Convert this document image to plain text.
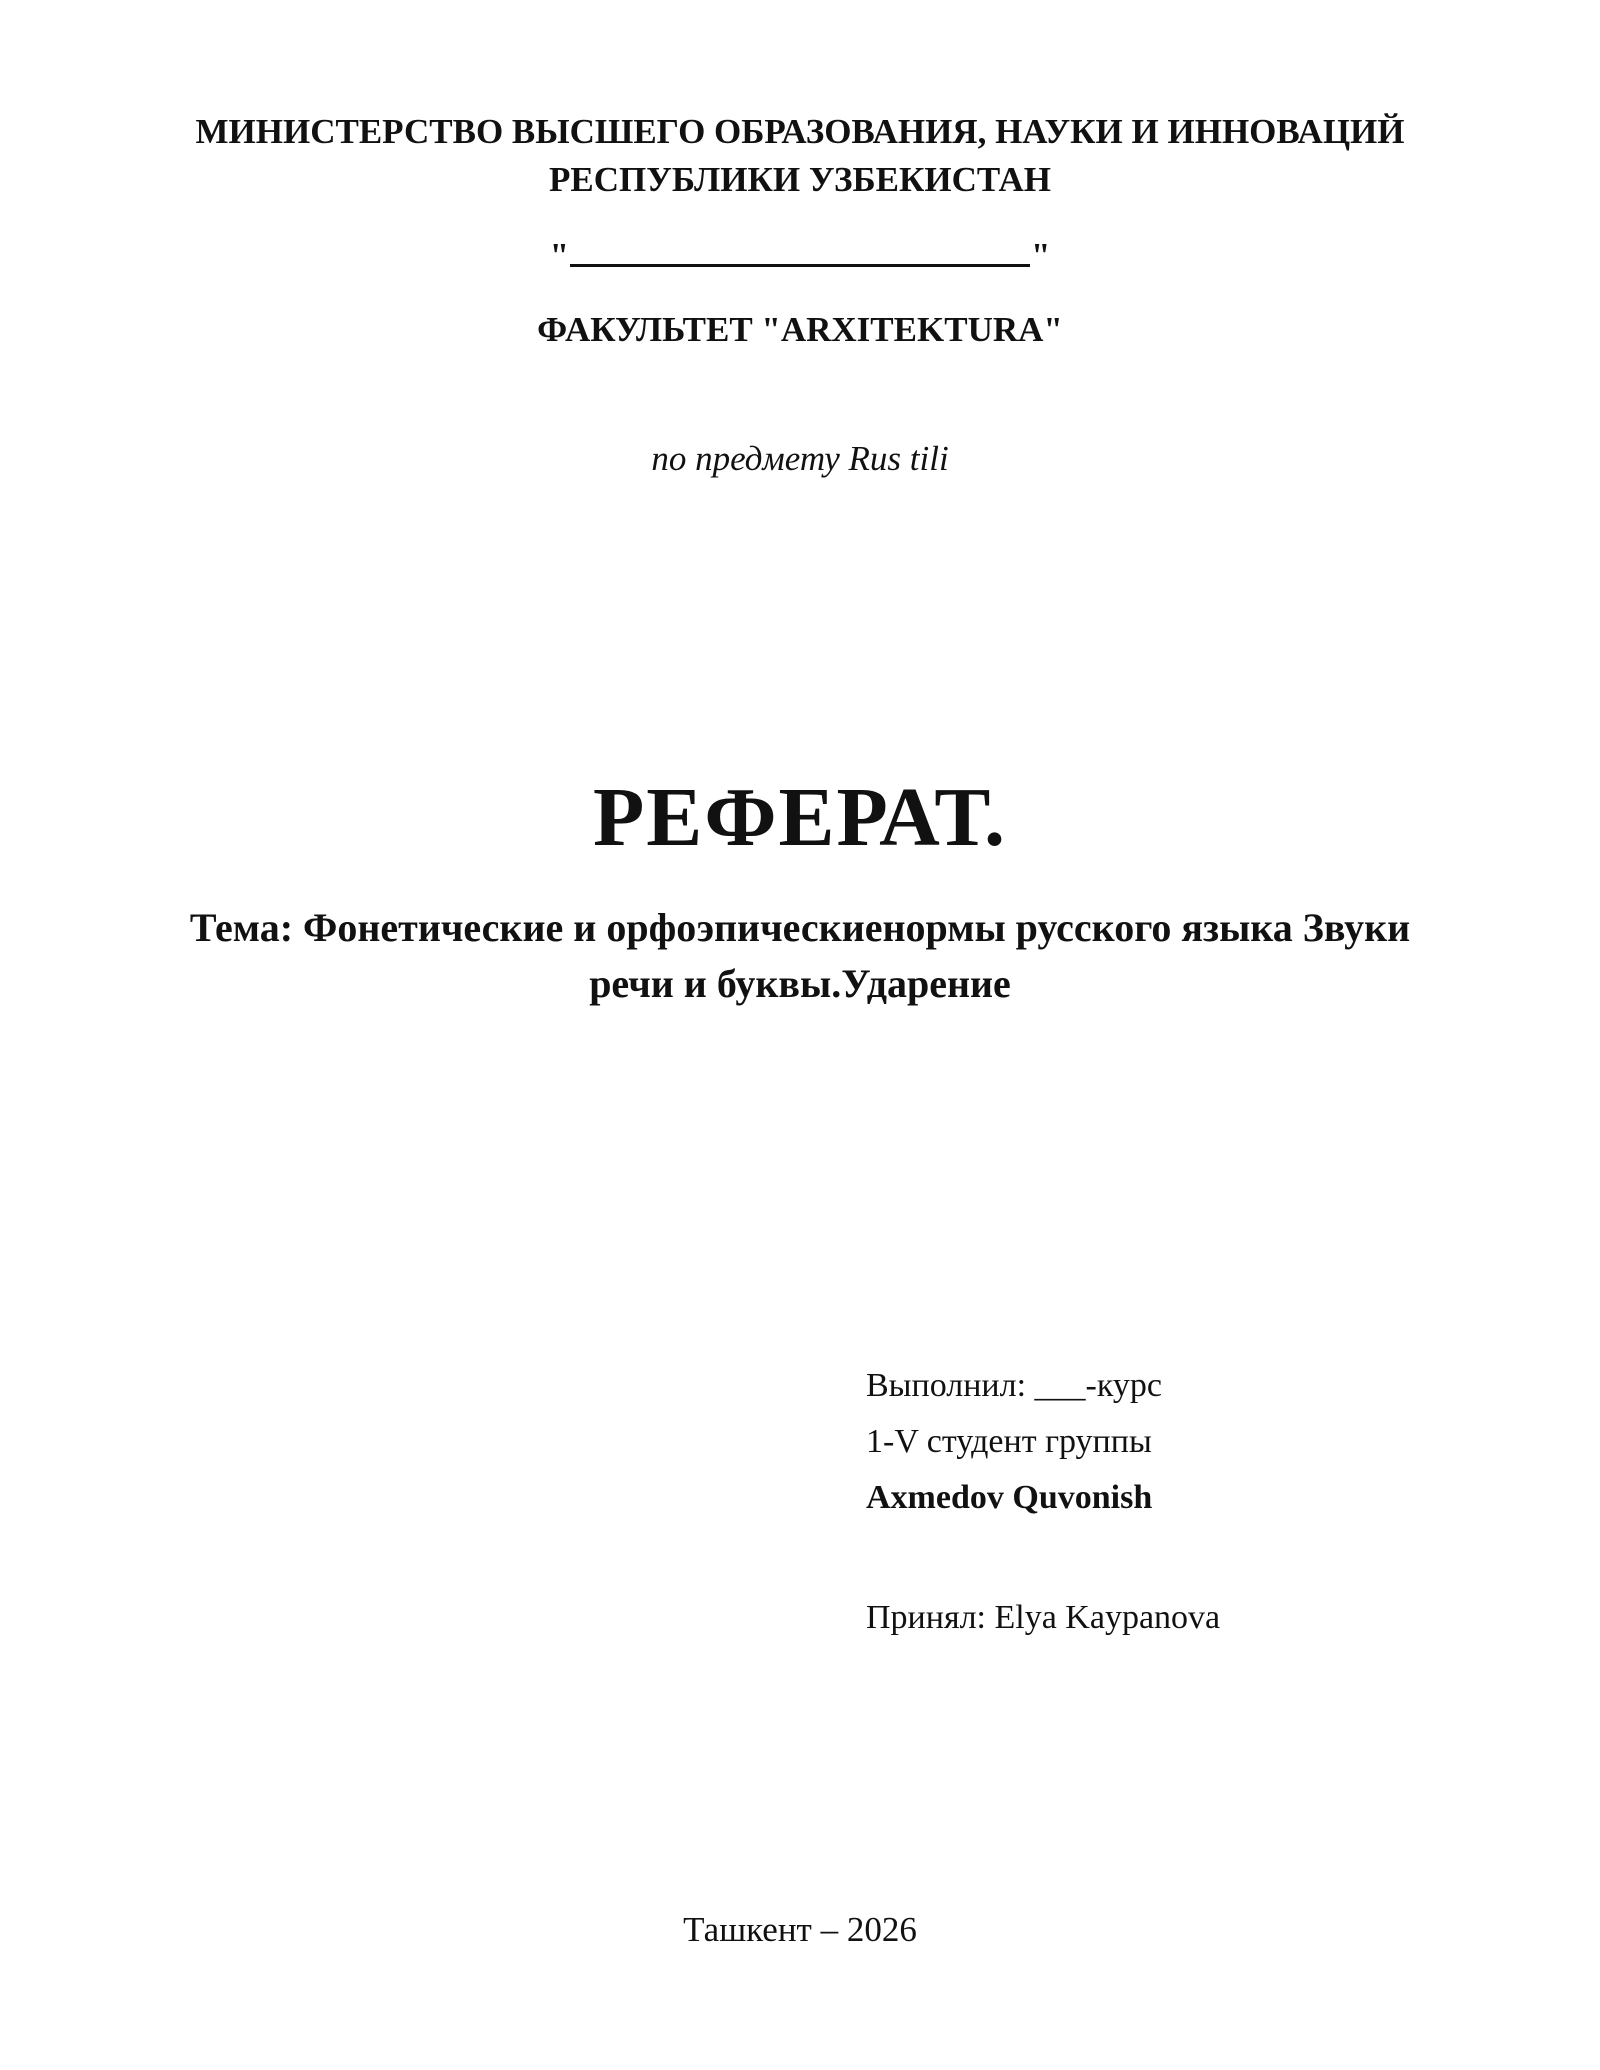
МИНИСТЕРСТВО ВЫСШЕГО ОБРАЗОВАНИЯ, НАУКИ И ИННОВАЦИЙ
РЕСПУБЛИКИ УЗБЕКИСТАН
"	"
ФАКУЛЬТЕТ "ARXITEKTURA"
по предмету Rus tili
РЕФЕРАТ.
Тема: Фонетические и орфоэпическиенормы русского языка Звуки
речи и буквы.Ударение
Выполнил: ___-курс
1-V студент группы
Axmedov Quvonish
Принял: Elya Kaypanova
Ташкент – 2026
